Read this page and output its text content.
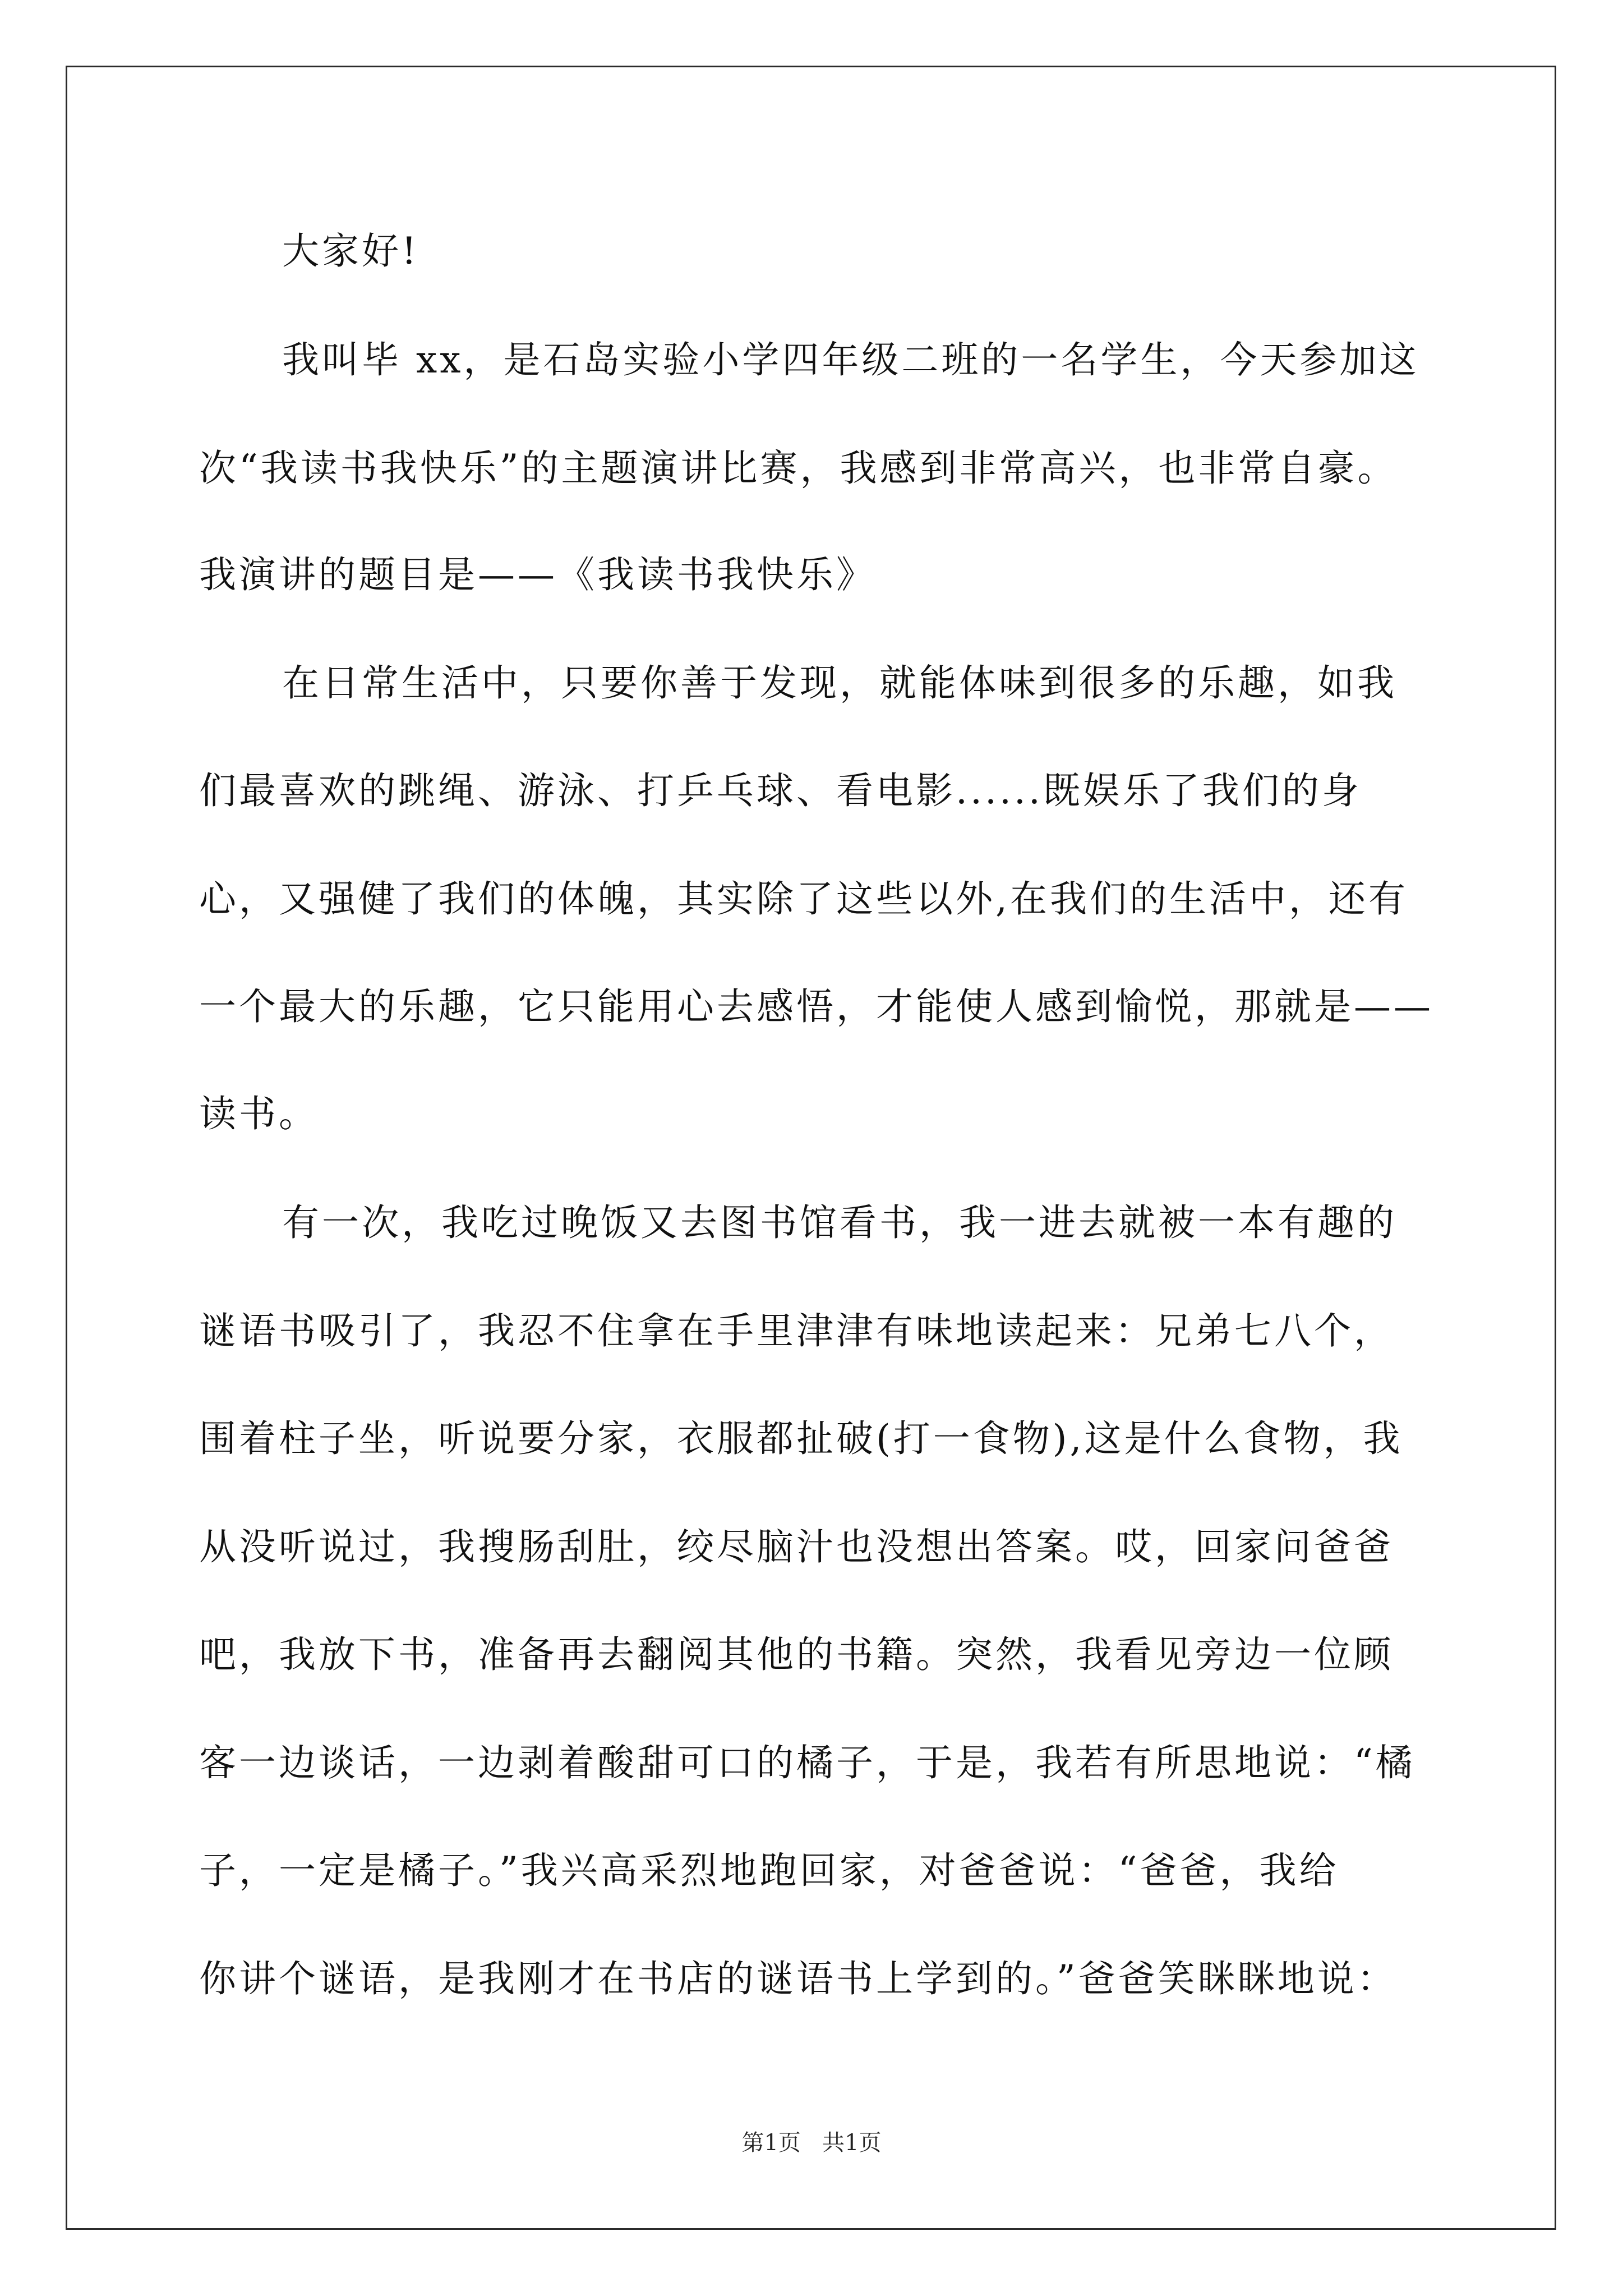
大家好!
我叫毕 xx，是石岛实验小学四年级二班的一名学生，今天参加这
次“我读书我快乐”的主题演讲比赛，我感到非常高兴，也非常自豪。
我演讲的题目是——《我读书我快乐》
在日常生活中，只要你善于发现，就能体味到很多的乐趣，如我
们最喜欢的跳绳、游泳、打乒乓球、看电影......既娱乐了我们的身
心，又强健了我们的体魄，其实除了这些以外,在我们的生活中，还有
一个最大的乐趣，它只能用心去感悟，才能使人感到愉悦，那就是——
读书。
有一次，我吃过晚饭又去图书馆看书，我一进去就被一本有趣的
谜语书吸引了，我忍不住拿在手里津津有味地读起来：兄弟七八个，
围着柱子坐，听说要分家，衣服都扯破(打一食物),这是什么食物，我
从没听说过，我搜肠刮肚，绞尽脑汁也没想出答案。哎，回家问爸爸
吧，我放下书，准备再去翻阅其他的书籍。突然，我看见旁边一位顾
客一边谈话，一边剥着酸甜可口的橘子，于是，我若有所思地说：“橘
子，一定是橘子。”我兴高采烈地跑回家，对爸爸说：“爸爸，我给
你讲个谜语，是我刚才在书店的谜语书上学到的。”爸爸笑眯眯地说：
第1页   共1页
